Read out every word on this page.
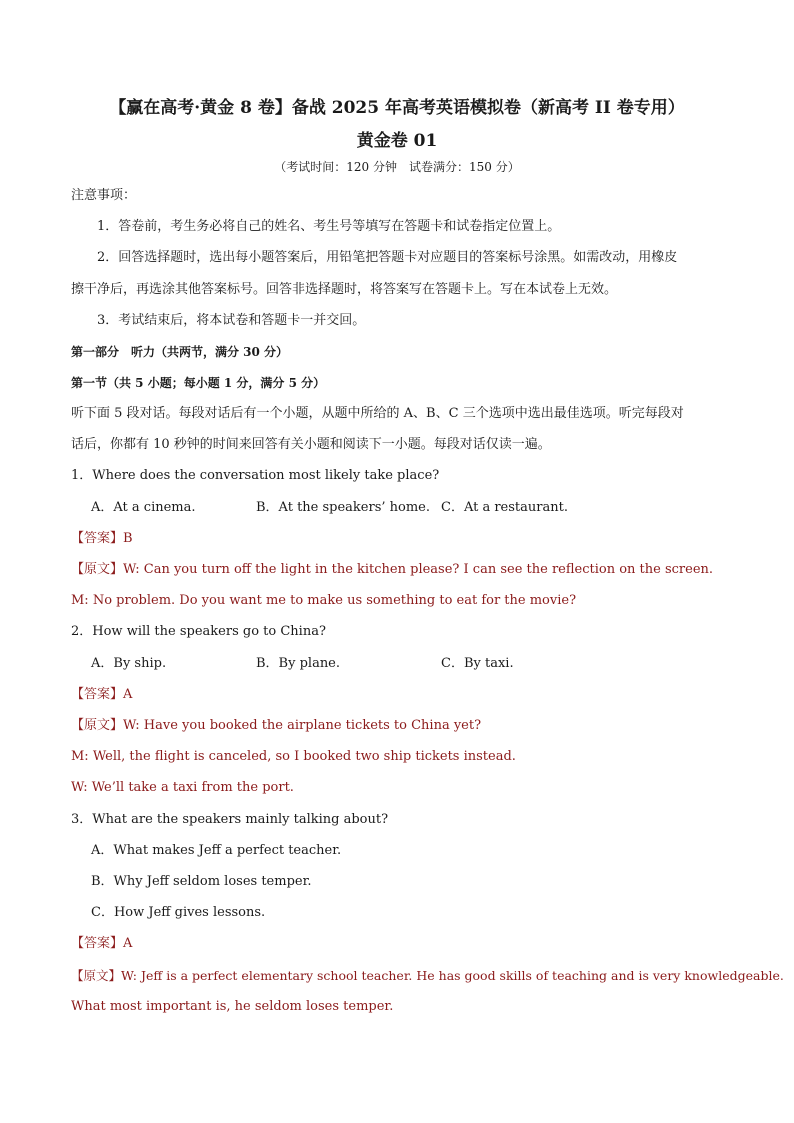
【赢在高考·黄金 8 卷】备战 2025 年高考英语模拟卷（新高考 II 卷专用）
黄金卷 01
（考试时间：120 分钟　试卷满分：150 分）
注意事项：
1．答卷前，考生务必将自己的姓名、考生号等填写在答题卡和试卷指定位置上。
2．回答选择题时，选出每小题答案后，用铅笔把答题卡对应题目的答案标号涂黑。如需改动，用橡皮
擦干净后，再选涂其他答案标号。回答非选择题时，将答案写在答题卡上。写在本试卷上无效。
3．考试结束后，将本试卷和答题卡一并交回。
第一部分　听力（共两节，满分 30 分）
第一节（共 5 小题；每小题 1 分，满分 5 分）
听下面 5 段对话。每段对话后有一个小题，从题中所给的 A、B、C 三个选项中选出最佳选项。听完每段对
话后，你都有 10 秒钟的时间来回答有关小题和阅读下一小题。每段对话仅读一遍。
1．Where does the conversation most likely take place?
A．At a cinema.	B．At the speakers’ home. C．At a restaurant.
【答案】B
【原文】W: Can you turn off the light in the kitchen please? I can see the reflection on the screen.
M: No problem. Do you want me to make us something to eat for the movie?
2．How will the speakers go to China?
A．By ship.	B．By plane.	C．By taxi.
【答案】A
【原文】W: Have you booked the airplane tickets to China yet?
M: Well, the flight is canceled, so I booked two ship tickets instead.
W: We’ll take a taxi from the port.
3．What are the speakers mainly talking about?
A．What makes Jeff a perfect teacher.
B．Why Jeff seldom loses temper.
C．How Jeff gives lessons.
【答案】A
【原文】W: Jeff is a perfect elementary school teacher. He has good skills of teaching and is very knowledgeable.
What most important is, he seldom loses temper.
